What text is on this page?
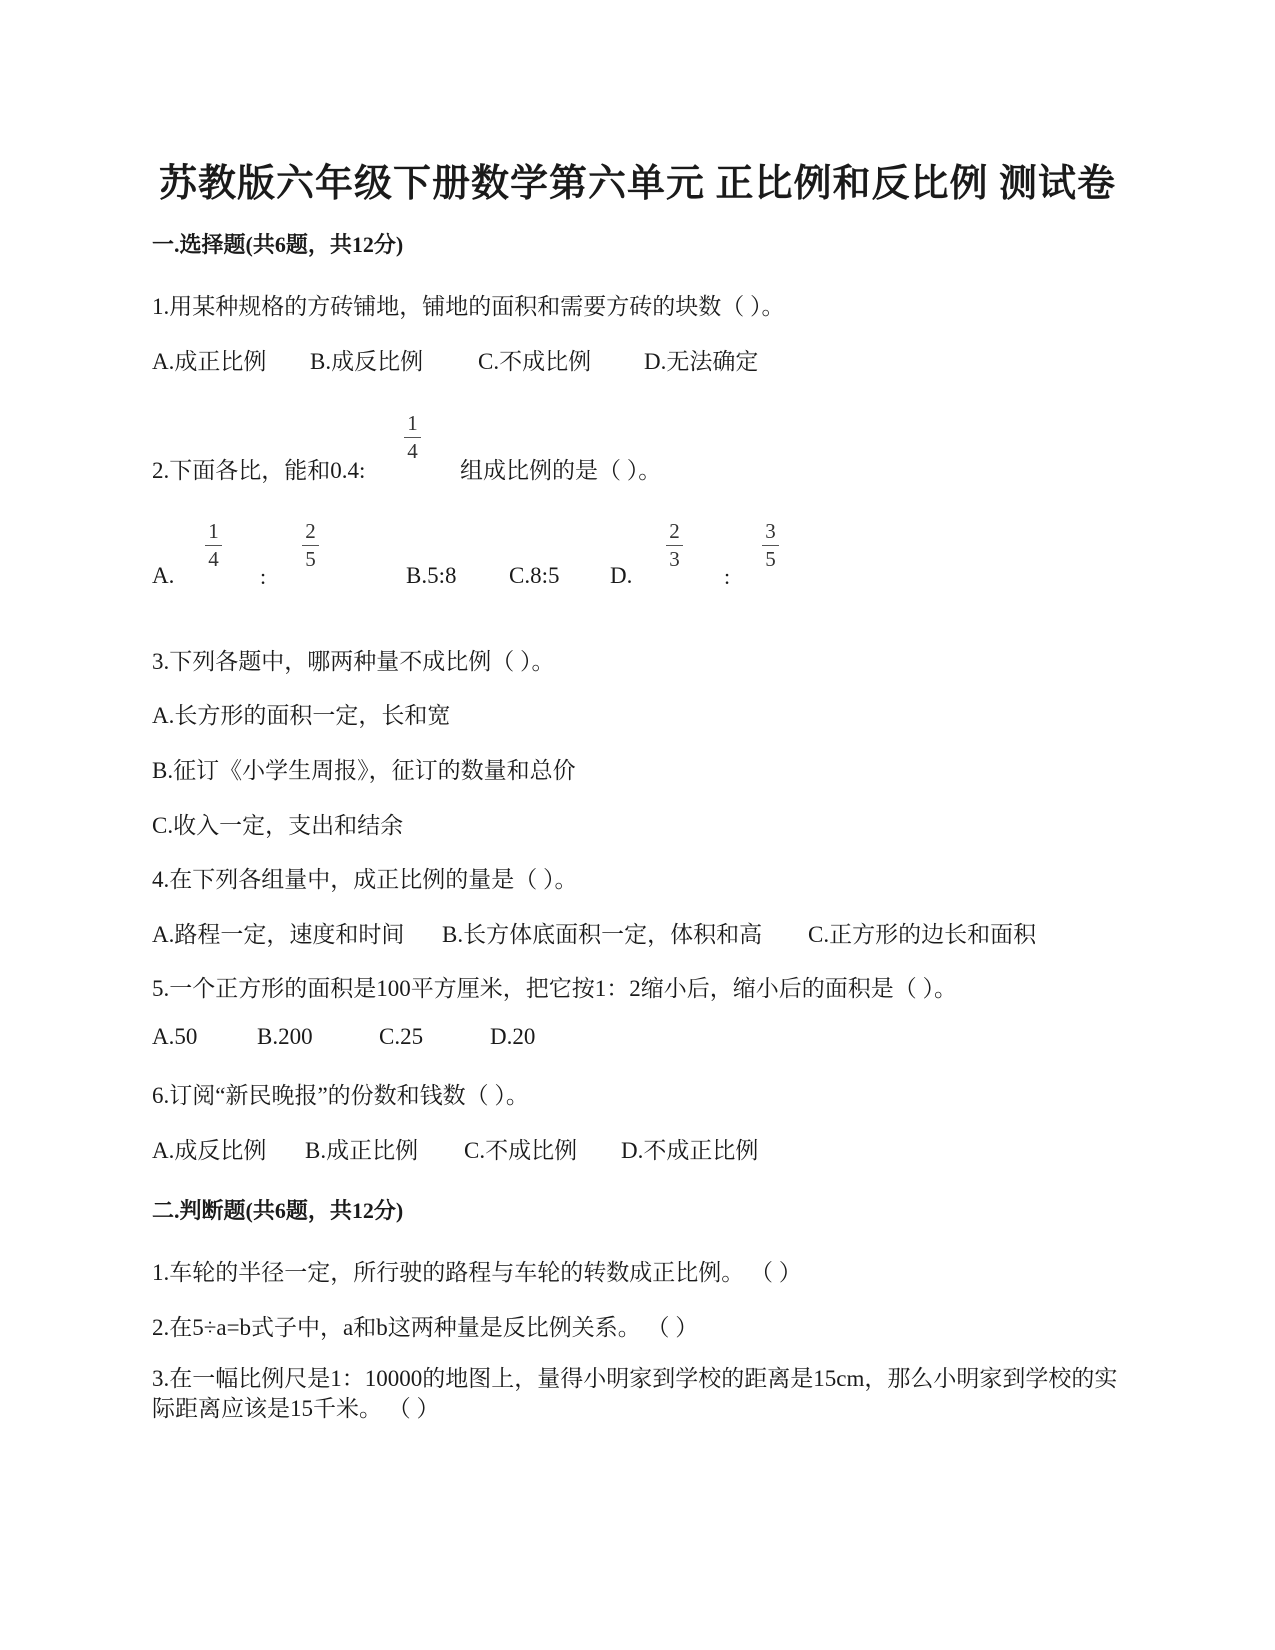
苏教版六年级下册数学第六单元 正比例和反比例 测试卷
一.选择题(共6题，共12分)
1.用某种规格的方砖铺地，铺地的面积和需要方砖的块数（ ）。
A.成正比例 B.成反比例 C.不成比例 D.无法确定
2.下面各比，能和0.4:
1
4
组成比例的是（ ）。
A.
1
4
:
2
5
B.5:8 C.8:5 D.
2
3
:
3
5
3.下列各题中，哪两种量不成比例（ ）。
A.长方形的面积一定，长和宽
B.征订《小学生周报》，征订的数量和总价
C.收入一定，支出和结余
4.在下列各组量中，成正比例的量是（ ）。
A.路程一定，速度和时间 B.长方体底面积一定，体积和高 C.正方形的边长和面积
5.一个正方形的面积是100平方厘米，把它按1：2缩小后，缩小后的面积是（ ）。
A.50	B.200	C.25	D.20
6.订阅“新民晚报”的份数和钱数（ ）。
A.成反比例 B.成正比例 C.不成比例 D.不成正比例
二.判断题(共6题，共12分)
1.车轮的半径一定，所行驶的路程与车轮的转数成正比例。 （ ）
2.在5÷a=b式子中，a和b这两种量是反比例关系。 （ ）
3.在一幅比例尺是1：10000的地图上，量得小明家到学校的距离是15cm，那么小明家到学校的实际距离应该是15千米。 （ ）
